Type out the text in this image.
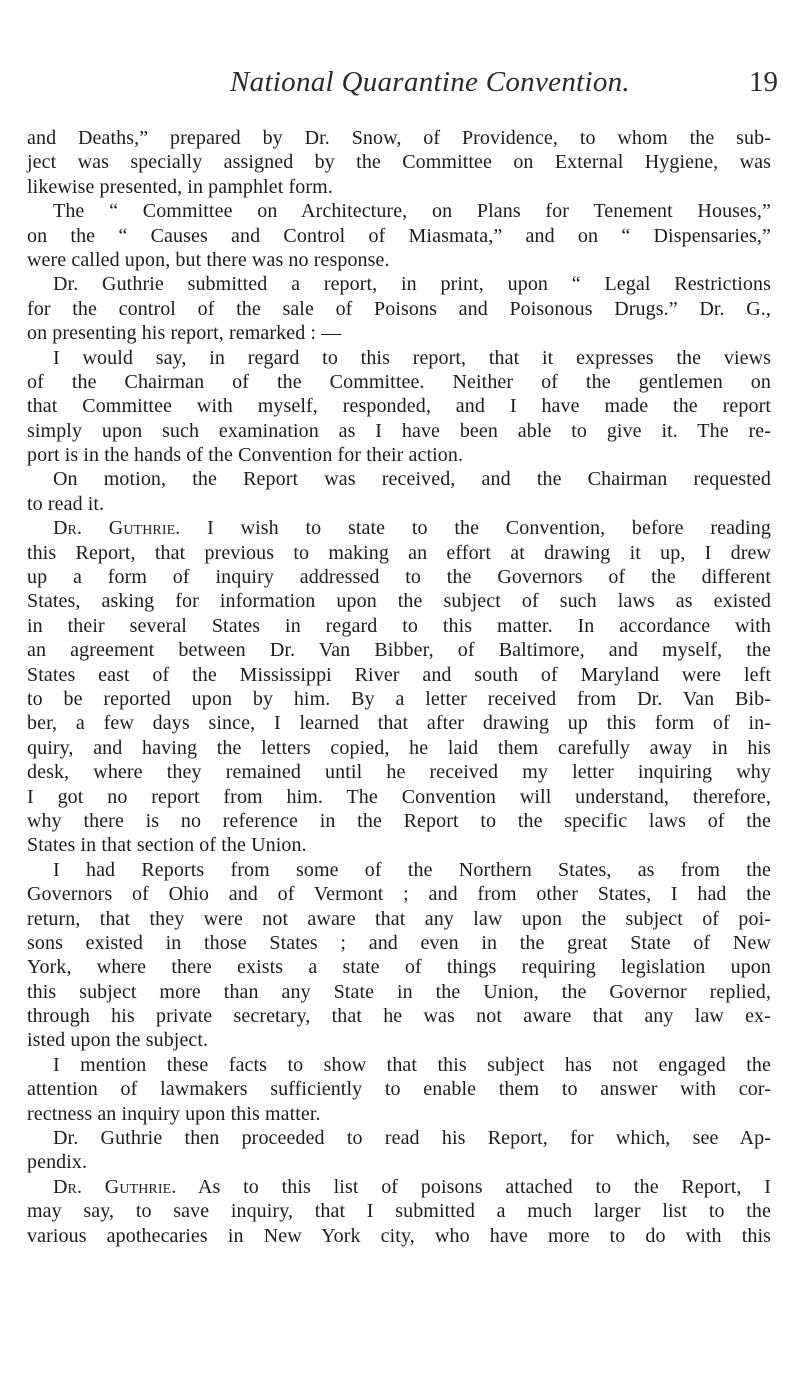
National Quarantine Convention.	19
and Deaths,” prepared by Dr. Snow, of Providence, to whom the sub-
ject was specially assigned by the Committee on External Hygiene, was
likewise presented, in pamphlet form.
The “ Committee on Architecture, on Plans for Tenement Houses,”
on the “ Causes and Control of Miasmata,” and on “ Dispensaries,”
were called upon, but there was no response.
Dr. Guthrie submitted a report, in print, upon “ Legal Restrictions
for the control of the sale of Poisons and Poisonous Drugs.” Dr. G.,
on presenting his report, remarked : —
I would say, in regard to this report, that it expresses the views
of the Chairman of the Committee. Neither of the gentlemen on
that Committee with myself, responded, and I have made the report
simply upon such examination as I have been able to give it. The re-
port is in the hands of the Convention for their action.
On motion, the Report was received, and the Chairman requested
to read it.
Dr. Guthrie. I wish to state to the Convention, before reading
this Report, that previous to making an effort at drawing it up, I drew
up a form of inquiry addressed to the Governors of the different
States, asking for information upon the subject of such laws as existed
in their several States in regard to this matter. In accordance with
an agreement between Dr. Van Bibber, of Baltimore, and myself, the
States east of the Mississippi River and south of Maryland were left
to be reported upon by him. By a letter received from Dr. Van Bib-
ber, a few days since, I learned that after drawing up this form of in-
quiry, and having the letters copied, he laid them carefully away in his
desk, where they remained until he received my letter inquiring why
I got no report from him. The Convention will understand, therefore,
why there is no reference in the Report to the specific laws of the
States in that section of the Union.
I had Reports from some of the Northern States, as from the
Governors of Ohio and of Vermont ; and from other States, I had the
return, that they were not aware that any law upon the subject of poi-
sons existed in those States ; and even in the great State of New
York, where there exists a state of things requiring legislation upon
this subject more than any State in the Union, the Governor replied,
through his private secretary, that he was not aware that any law ex-
isted upon the subject.
I mention these facts to show that this subject has not engaged the
attention of lawmakers sufficiently to enable them to answer with cor-
rectness an inquiry upon this matter.
Dr. Guthrie then proceeded to read his Report, for which, see Ap-
pendix.
Dr. Guthrie. As to this list of poisons attached to the Report, I
may say, to save inquiry, that I submitted a much larger list to the
various apothecaries in New York city, who have more to do with this
